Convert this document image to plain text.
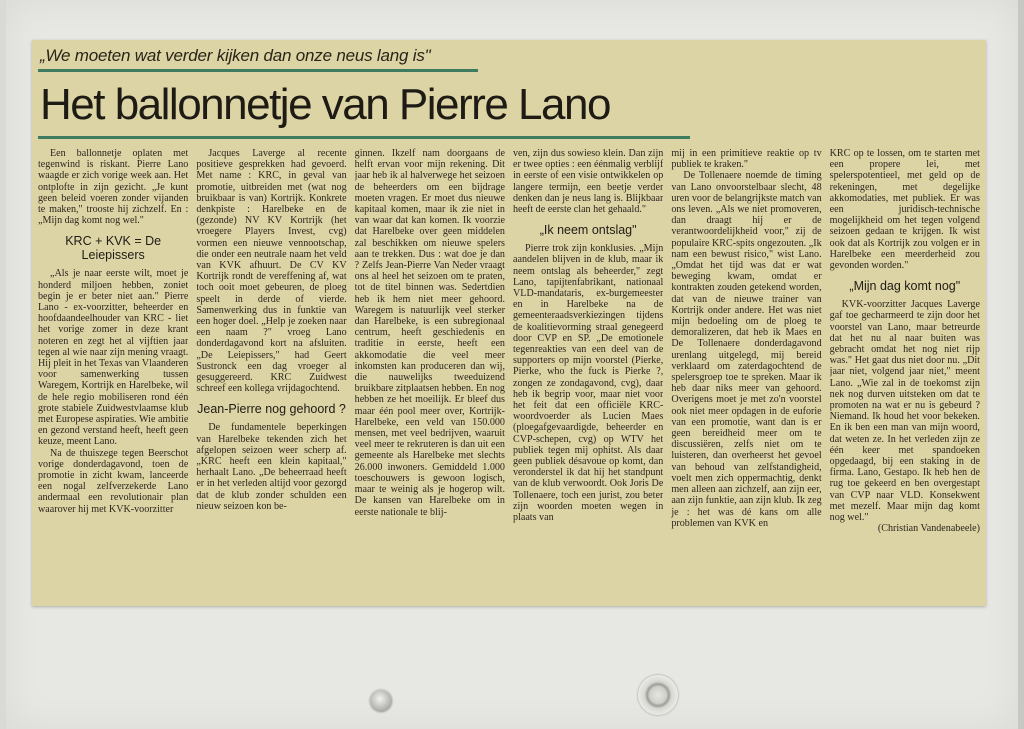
„We moeten wat verder kijken dan onze neus lang is"
Het ballonnetje van Pierre Lano

Een ballonnetje oplaten met tegenwind is riskant. Pierre Lano waagde er zich vorige week aan. Het ontplofte in zijn gezicht. „Je kunt geen beleid voeren zonder vijanden te maken," trooste hij zichzelf. En : „Mijn dag komt nog wel."

KRC + KVK = De Leiepissers

„Als je naar eerste wilt, moet je honderd miljoen hebben, zoniet begin je er beter niet aan." Pierre Lano - ex-voorzitter, beheerder en hoofdaandeelhouder van KRC - liet het vorige zomer in deze krant noteren en zegt het al vijftien jaar tegen al wie naar zijn mening vraagt. Hij pleit in het Texas van Vlaanderen voor samenwerking tussen Waregem, Kortrijk en Harelbeke, wil de hele regio mobiliseren rond één grote stabiele Zuidwestvlaamse klub met Europese aspiraties. Wie ambitie en gezond verstand heeft, heeft geen keuze, meent Lano.

Na de thuiszege tegen Beerschot vorige donderdagavond, toen de promotie in zicht kwam, lanceerde een nogal zelfverzekerde Lano andermaal een revolutionair plan waarover hij met KVK-voorzitter

Jacques Laverge al recente positieve gesprekken had gevoerd. Met name : KRC, in geval van promotie, uitbreiden met (wat nog bruikbaar is van) Kortrijk. Konkrete denkpiste : Harelbeke en de (gezonde) NV KV Kortrijk (het vroegere Players Invest, cvg) vormen een nieuwe vennootschap, die onder een neutrale naam het veld van KVK afhuurt. De CV KV Kortrijk rondt de vereffening af, wat toch ooit moet gebeuren, de ploeg speelt in derde of vierde. Samenwerking dus in funktie van een hoger doel. „Help je zoeken naar een naam ?" vroeg Lano donderdagavond kort na afsluiten. „De Leiepissers," had Geert Sustronck een dag vroeger al gesuggereerd. KRC Zuidwest schreef een kollega vrijdagochtend.

Jean-Pierre nog gehoord ?

De fundamentele beperkingen van Harelbeke tekenden zich het afgelopen seizoen weer scherp af. „KRC heeft een klein kapitaal," herhaalt Lano. „De beheerraad heeft er in het verleden altijd voor gezorgd dat de klub zonder schulden een nieuw seizoen kon be-

ginnen. Ikzelf nam doorgaans de helft ervan voor mijn rekening. Dit jaar heb ik al halverwege het seizoen de beheerders om een bijdrage moeten vragen. Er moet dus nieuwe kapitaal komen, maar ik zie niet in van waar dat kan komen. Ik voorzie dat Harelbeke over geen middelen zal beschikken om nieuwe spelers aan te trekken. Dus : wat doe je dan ? Zelfs Jean-Pierre Van Neder vraagt ons al heel het seizoen om te praten, tot de titel binnen was. Sedertdien heb ik hem niet meer gehoord. Waregem is natuurlijk veel sterker dan Harelbeke, is een subregionaal centrum, heeft geschiedenis en traditie in eerste, heeft een akkomodatie die veel meer inkomsten kan produceren dan wij, die nauwelijks tweeduizend bruikbare zitplaatsen hebben. En nog hebben ze het moeilijk. Er bleef dus maar één pool meer over, Kortrijk-Harelbeke, een veld van 150.000 mensen, met veel bedrijven, waaruit veel meer te rekruteren is dan uit een gemeente als Harelbeke met slechts 26.000 inwoners. Gemiddeld 1.000 toeschouwers is gewoon logisch, maar te weinig als je hogerop wilt. De kansen van Harelbeke om in eerste nationale te blij-

ven, zijn dus sowieso klein. Dan zijn er twee opties : een éénmalig verblijf in eerste of een visie ontwikkelen op langere termijn, een beetje verder denken dan je neus lang is. Blijkbaar heeft de eerste clan het gehaald."

„Ik neem ontslag"

Pierre trok zijn konklusies. „Mijn aandelen blijven in de klub, maar ik neem ontslag als beheerder," zegt Lano, tapijtenfabrikant, nationaal VLD-mandataris, ex-burgemeester en in Harelbeke na de gemeenteraadsverkiezingen tijdens de koalitievorming straal genegeerd door CVP en SP. „De emotionele tegenreakties van een deel van de supporters op mijn voorstel (Pierke, Pierke, who the fuck is Pierke ?, zongen ze zondagavond, cvg), daar heb ik begrip voor, maar niet voor het feit dat een officiële KRC-woordvoerder als Lucien Maes (ploegafgevaardigde, beheerder en CVP-schepen, cvg) op WTV het publiek tegen mij ophitst. Als daar geen publiek désavoue op komt, dan veronderstel ik dat hij het standpunt van de klub verwoordt. Ook Joris De Tollenaere, toch een jurist, zou beter zijn woorden moeten wegen in plaats van

mij in een primitieve reaktie op tv publiek te kraken."

De Tollenaere noemde de timing van Lano onvoorstelbaar slecht, 48 uren voor de belangrijkste match van ons leven. „Als we niet promoveren, dan draagt hij er de verantwoordelijkheid voor," zij de populaire KRC-spits ongezouten. „Ik nam een bewust risico," wist Lano. „Omdat het tijd was dat er wat beweging kwam, omdat er kontrakten zouden getekend worden, dat van de nieuwe trainer van Kortrijk onder andere. Het was niet mijn bedoeling om de ploeg te demoralizeren, dat heb ik Maes en De Tollenaere donderdagavond urenlang uitgelegd, mij bereid verklaard om zaterdagochtend de spelersgroep toe te spreken. Maar ik heb daar niks meer van gehoord. Overigens moet je met zo'n voorstel ook niet meer opdagen in de euforie van een promotie, want dan is er geen bereidheid meer om te discussiëren, zelfs niet om te luisteren, dan overheerst het gevoel van behoud van zelfstandigheid, voelt men zich oppermachtig, denkt men alleen aan zichzelf, aan zijn eer, aan zijn funktie, aan zijn klub. Ik zeg je : het was dé kans om alle problemen van KVK en

KRC op te lossen, om te starten met een propere lei, met spelerspotentieel, met geld op de rekeningen, met degelijke akkomodaties, met publiek. Er was een juridisch-technische mogelijkheid om het tegen volgend seizoen gedaan te krijgen. Ik wist ook dat als Kortrijk zou volgen er in Harelbeke een meerderheid zou gevonden worden."

„Mijn dag komt nog"

KVK-voorzitter Jacques Laverge gaf toe gecharmeerd te zijn door het voorstel van Lano, maar betreurde dat het nu al naar buiten was gebracht omdat het nog niet rijp was." Het gaat dus niet door nu. „Dit jaar niet, volgend jaar niet," meent Lano. „Wie zal in de toekomst zijn nek nog durven uitsteken om dat te promoten na wat er nu is gebeurd ? Niemand. Ik houd het voor bekeken. En ik ben een man van mijn woord, dat weten ze. In het verleden zijn ze één keer met spandoeken opgedaagd, bij een staking in de firma. Lano, Gestapo. Ik heb hen de rug toe gekeerd en ben overgestapt van CVP naar VLD. Konsekwent met mezelf. Maar mijn dag komt nog wel."

(Christian Vandenabeele)
